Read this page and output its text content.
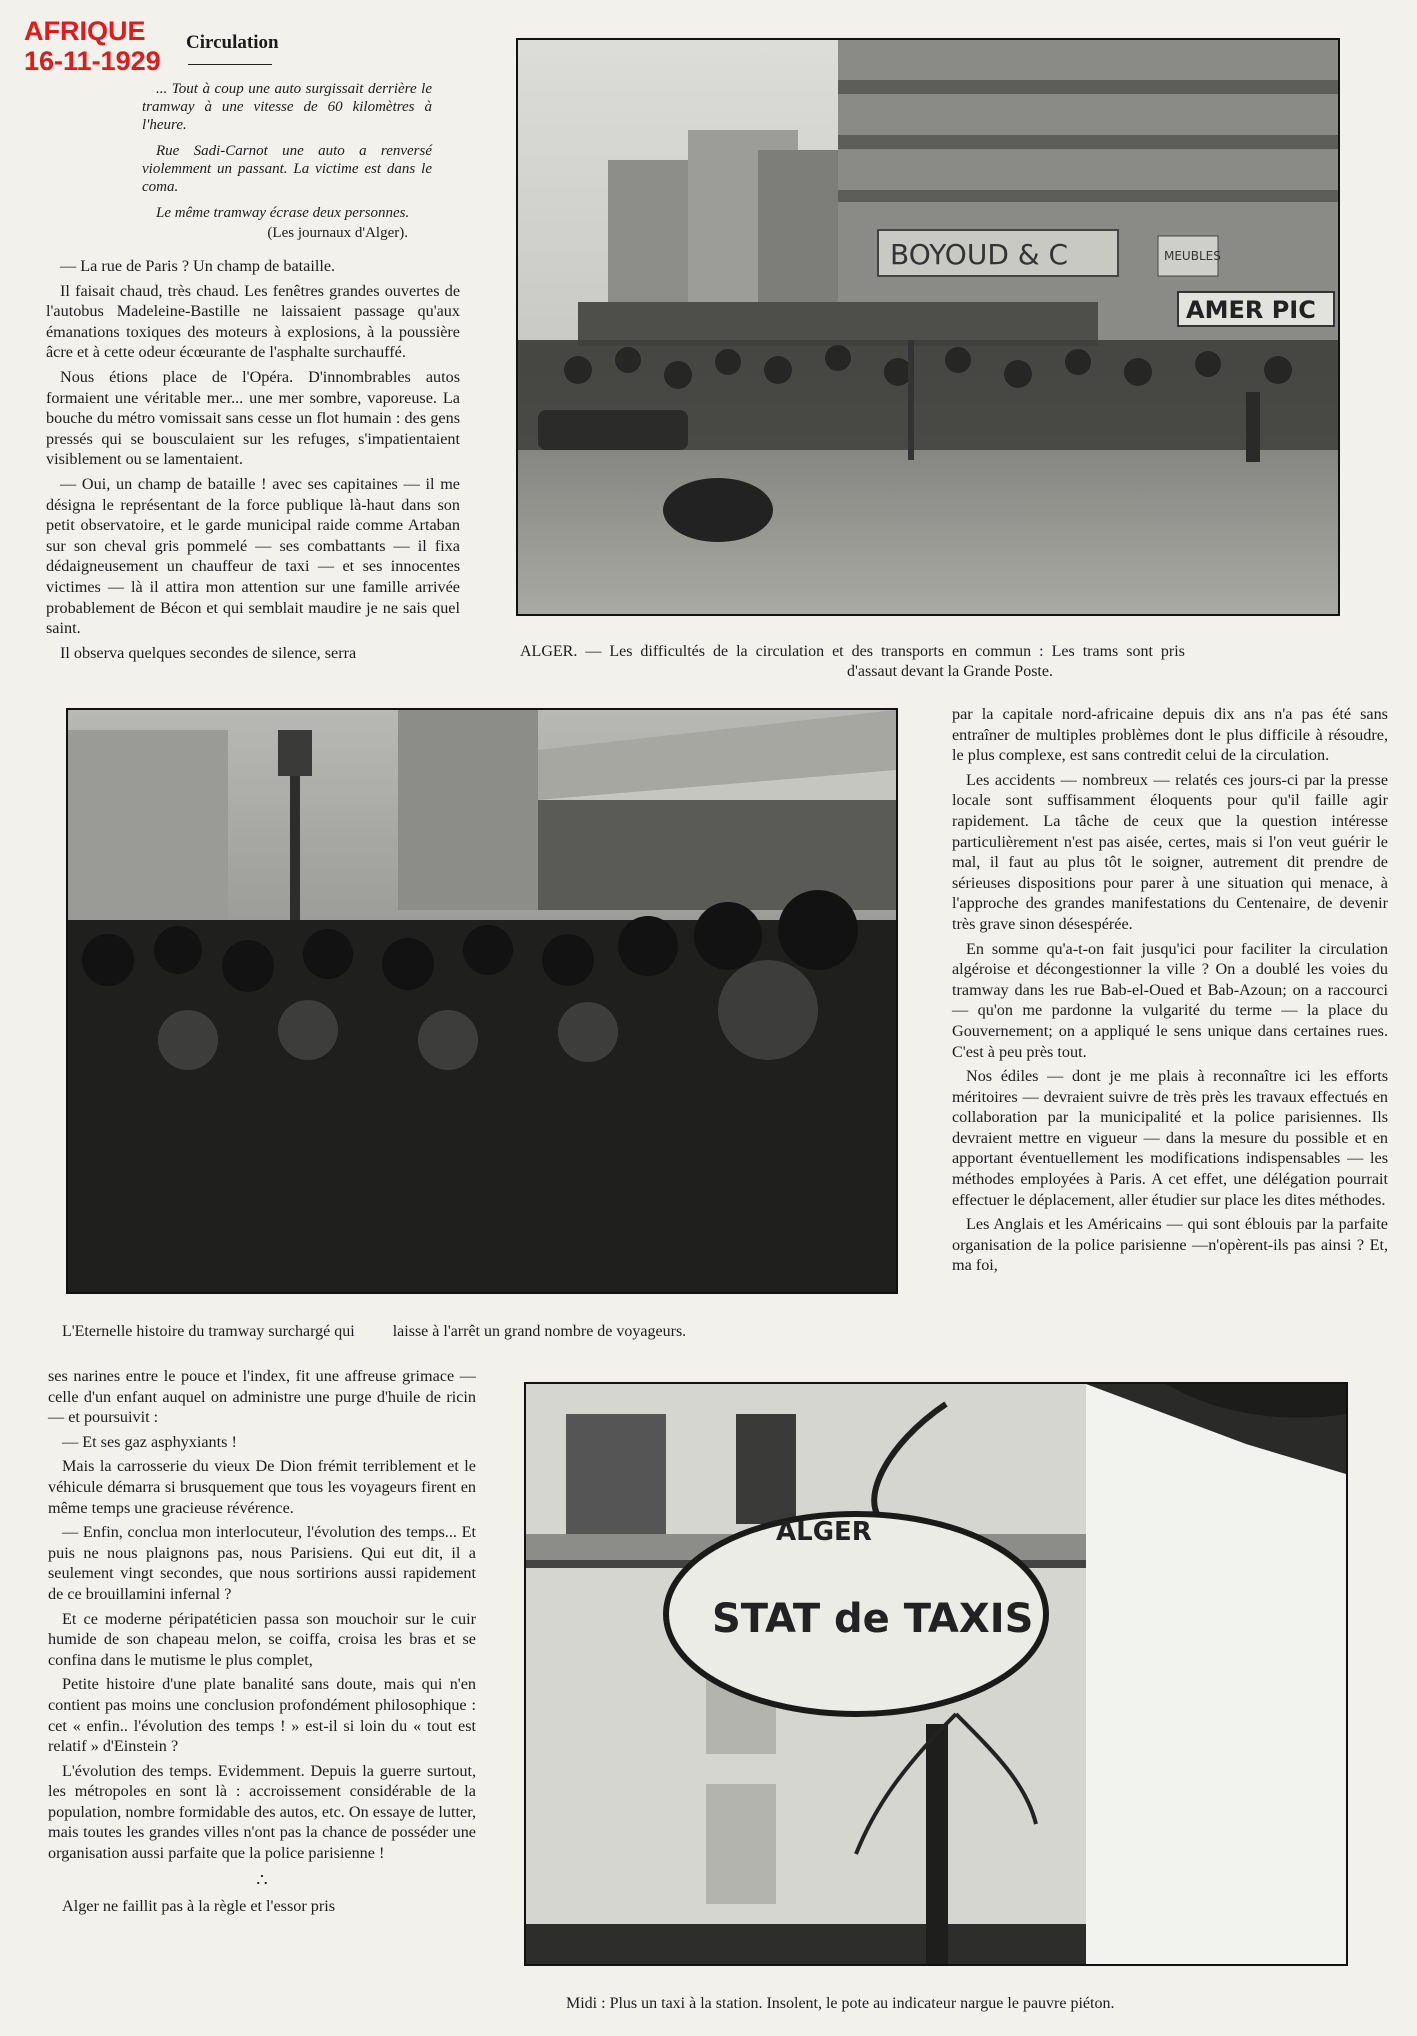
AFRIQUE
16-11-1929
Circulation

... Tout à coup une auto surgissait derrière le tramway à une vitesse de 60 kilomètres à l'heure.

Rue Sadi-Carnot une auto a renversé violemment un passant. La victime est dans le coma.

Le même tramway écrase deux personnes.

(Les journaux d'Alger).

— La rue de Paris ? Un champ de bataille.

Il faisait chaud, très chaud. Les fenêtres grandes ouvertes de l'autobus Madeleine-Bastille ne laissaient passage qu'aux émanations toxiques des moteurs à explosions, à la poussière âcre et à cette odeur écœurante de l'asphalte surchauffé.

Nous étions place de l'Opéra. D'innombrables autos formaient une véritable mer... une mer sombre, vaporeuse. La bouche du métro vomissait sans cesse un flot humain : des gens pressés qui se bousculaient sur les refuges, s'impatientaient visiblement ou se lamentaient.

— Oui, un champ de bataille ! avec ses capitaines — il me désigna le représentant de la force publique là-haut dans son petit observatoire, et le garde municipal raide comme Artaban sur son cheval gris pommelé — ses combattants — il fixa dédaigneusement un chauffeur de taxi — et ses innocentes victimes — là il attira mon attention sur une famille arrivée probablement de Bécon et qui semblait maudire je ne sais quel saint.

Il observa quelques secondes de silence, serra

BOYOUD & C	MEUBLES
AMER PIC
ALGER. — Les difficultés de la circulation et des transports en commun : Les trams sont pris
d'assaut devant la Grande Poste.
L'Eternelle histoire du tramway surchargé qui laisse à l'arrêt un grand nombre de voyageurs.

par la capitale nord-africaine depuis dix ans n'a pas été sans entraîner de multiples problèmes dont le plus difficile à résoudre, le plus complexe, est sans contredit celui de la circulation.

Les accidents — nombreux — relatés ces jours-ci par la presse locale sont suffisamment éloquents pour qu'il faille agir rapidement. La tâche de ceux que la question intéresse particulièrement n'est pas aisée, certes, mais si l'on veut guérir le mal, il faut au plus tôt le soigner, autrement dit prendre de sérieuses dispositions pour parer à une situation qui menace, à l'approche des grandes manifestations du Centenaire, de devenir très grave sinon désespérée.

En somme qu'a-t-on fait jusqu'ici pour faciliter la circulation algéroise et décongestionner la ville ? On a doublé les voies du tramway dans les rue Bab-el-Oued et Bab-Azoun; on a raccourci — qu'on me pardonne la vulgarité du terme — la place du Gouvernement; on a appliqué le sens unique dans certaines rues. C'est à peu près tout.

Nos édiles — dont je me plais à reconnaître ici les efforts méritoires — devraient suivre de très près les travaux effectués en collaboration par la municipalité et la police parisiennes. Ils devraient mettre en vigueur — dans la mesure du possible et en apportant éventuellement les modifications indispensables — les méthodes employées à Paris. A cet effet, une délégation pourrait effectuer le déplacement, aller étudier sur place les dites méthodes.

Les Anglais et les Américains — qui sont éblouis par la parfaite organisation de la police parisienne —n'opèrent-ils pas ainsi ? Et, ma foi,

ses narines entre le pouce et l'index, fit une affreuse grimace — celle d'un enfant auquel on administre une purge d'huile de ricin — et poursuivit :

— Et ses gaz asphyxiants !

Mais la carrosserie du vieux De Dion frémit terriblement et le véhicule démarra si brusquement que tous les voyageurs firent en même temps une gracieuse révérence.

— Enfin, conclua mon interlocuteur, l'évolution des temps... Et puis ne nous plaignons pas, nous Parisiens. Qui eut dit, il a seulement vingt secondes, que nous sortirions aussi rapidement de ce brouillamini infernal ?

Et ce moderne péripatéticien passa son mouchoir sur le cuir humide de son chapeau melon, se coiffa, croisa les bras et se confina dans le mutisme le plus complet,

Petite histoire d'une plate banalité sans doute, mais qui n'en contient pas moins une conclusion profondément philosophique : cet « enfin.. l'évolution des temps ! » est-il si loin du « tout est relatif » d'Einstein ?

L'évolution des temps. Evidemment. Depuis la guerre surtout, les métropoles en sont là : accroissement considérable de la population, nombre formidable des autos, etc. On essaye de lutter, mais toutes les grandes villes n'ont pas la chance de posséder une organisation aussi parfaite que la police parisienne !

∴

Alger ne faillit pas à la règle et l'essor pris

ALGER
STAT de TAXIS
Midi : Plus un taxi à la station. Insolent, le pote au indicateur nargue le pauvre piéton.
